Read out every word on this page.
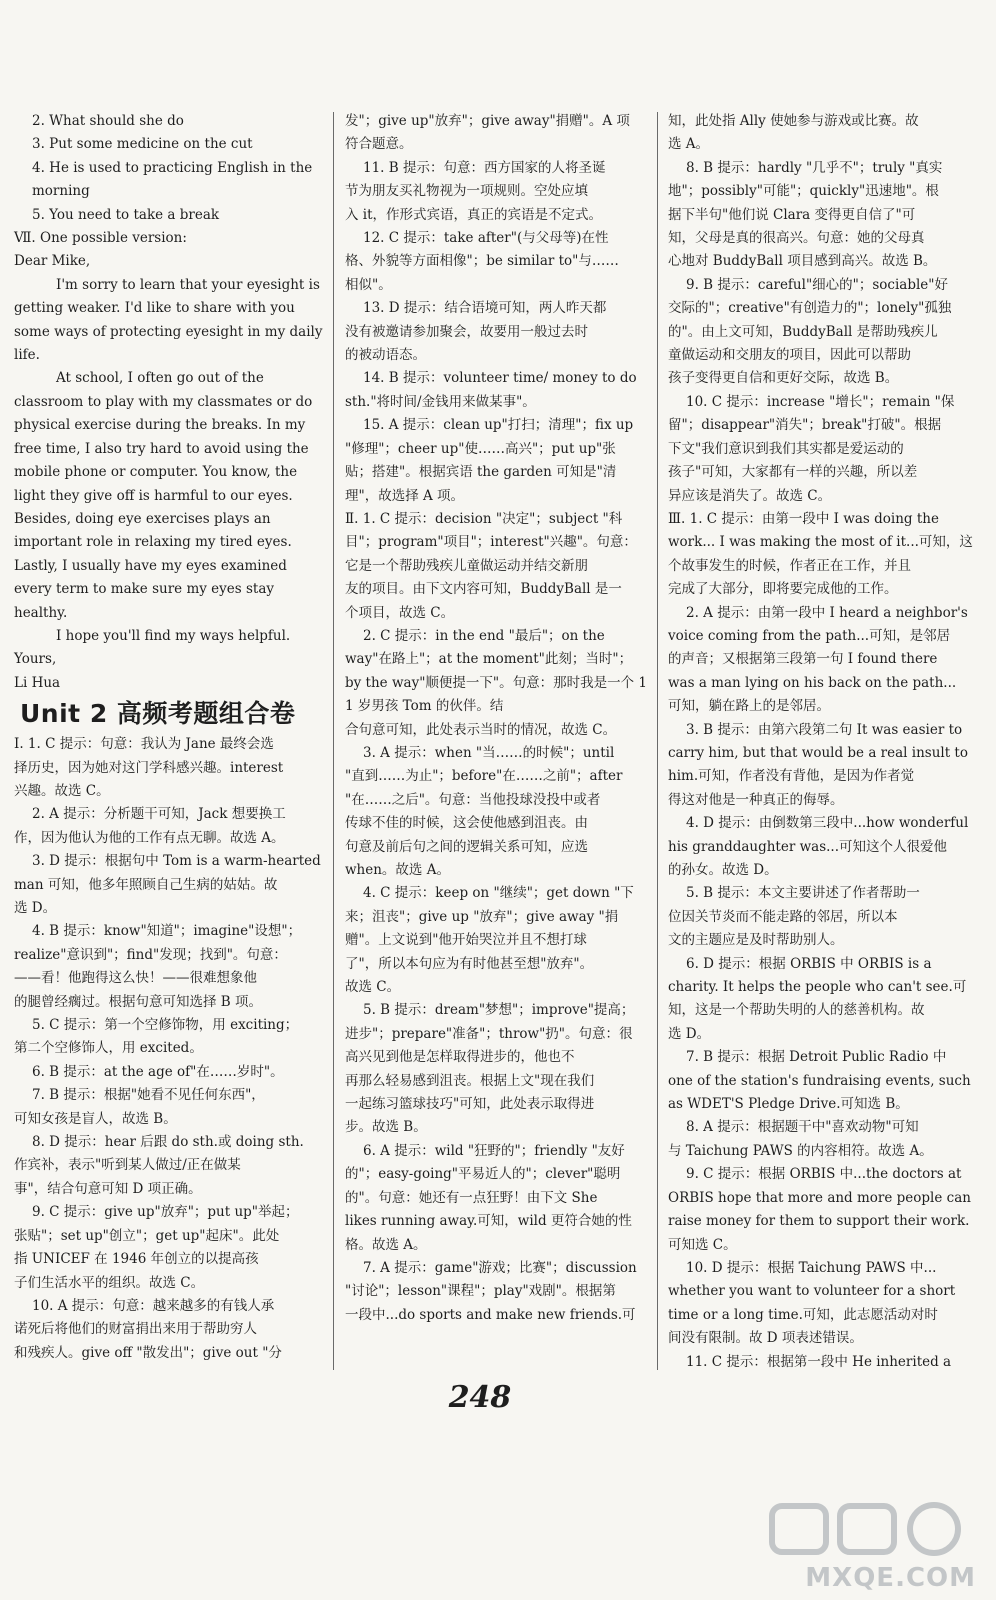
2. What should she do
3. Put some medicine on the cut
4. He is used to practicing English in the
morning
5. You need to take a break
Ⅶ. One possible version:
Dear Mike,
I'm sorry to learn that your eyesight is
getting weaker. I'd like to share with you
some ways of protecting eyesight in my daily
life.
At school, I often go out of the
classroom to play with my classmates or do
physical exercise during the breaks. In my
free time, I also try hard to avoid using the
mobile phone or computer. You know, the
light they give off is harmful to our eyes.
Besides, doing eye exercises plays an
important role in relaxing my tired eyes.
Lastly, I usually have my eyes examined
every term to make sure my eyes stay
healthy.
I hope you'll find my ways helpful.
Yours,
Li Hua
Unit 2 高频考题组合卷
Ⅰ. 1. C 提示：句意：我认为 Jane 最终会选
择历史，因为她对这门学科感兴趣。interest
兴趣。故选 C。
2. A 提示：分析题干可知，Jack 想要换工
作，因为他认为他的工作有点无聊。故选 A。
3. D 提示：根据句中 Tom is a warm-hearted
man 可知，他多年照顾自己生病的姑姑。故
选 D。
4. B 提示：know"知道"；imagine"设想"；
realize"意识到"；find"发现；找到"。句意：
——看！他跑得这么快！——很难想象他
的腿曾经瘸过。根据句意可知选择 B 项。
5. C 提示：第一个空修饰物，用 exciting；
第二个空修饰人，用 excited。
6. B 提示：at the age of"在……岁时"。
7. B 提示：根据"她看不见任何东西"，
可知女孩是盲人，故选 B。
8. D 提示：hear 后跟 do sth.或 doing sth.
作宾补，表示"听到某人做过/正在做某
事"，结合句意可知 D 项正确。
9. C 提示：give up"放弃"；put up"举起；
张贴"；set up"创立"；get up"起床"。此处
指 UNICEF 在 1946 年创立的以提高孩
子们生活水平的组织。故选 C。
10. A 提示：句意：越来越多的有钱人承
诺死后将他们的财富捐出来用于帮助穷人
和残疾人。give off "散发出"；give out "分
发"；give up"放弃"；give away"捐赠"。A 项
符合题意。
11. B 提示：句意：西方国家的人将圣诞
节为朋友买礼物视为一项规则。空处应填
入 it，作形式宾语，真正的宾语是不定式。
12. C 提示：take after"(与父母等)在性
格、外貌等方面相像"；be similar to"与……
相似"。
13. D 提示：结合语境可知，两人昨天都
没有被邀请参加聚会，故要用一般过去时
的被动语态。
14. B 提示：volunteer time/ money to do
sth."将时间/金钱用来做某事"。
15. A 提示：clean up"打扫；清理"；fix up
"修理"；cheer up"使……高兴"；put up"张
贴；搭建"。根据宾语 the garden 可知是"清
理"，故选择 A 项。
Ⅱ. 1. C 提示：decision "决定"；subject "科
目"；program"项目"；interest"兴趣"。句意：
它是一个帮助残疾儿童做运动并结交新朋
友的项目。由下文内容可知，BuddyBall 是一
个项目，故选 C。
2. C 提示：in the end "最后"；on the
way"在路上"；at the moment"此刻；当时"；
by the way"顺便提一下"。句意：那时我是一个 11 岁男孩 Tom 的伙伴。结
合句意可知，此处表示当时的情况，故选 C。
3. A 提示：when "当……的时候"；until
"直到……为止"；before"在……之前"；after
"在……之后"。句意：当他投球没投中或者
传球不佳的时候，这会使他感到沮丧。由
句意及前后句之间的逻辑关系可知，应选
when。故选 A。
4. C 提示：keep on "继续"；get down "下
来；沮丧"；give up "放弃"；give away "捐
赠"。上文说到"他开始哭泣并且不想打球
了"，所以本句应为有时他甚至想"放弃"。
故选 C。
5. B 提示：dream"梦想"；improve"提高；
进步"；prepare"准备"；throw"扔"。句意：很
高兴见到他是怎样取得进步的，他也不
再那么轻易感到沮丧。根据上文"现在我们
一起练习篮球技巧"可知，此处表示取得进
步。故选 B。
6. A 提示：wild "狂野的"；friendly "友好
的"；easy-going"平易近人的"；clever"聪明
的"。句意：她还有一点狂野！由下文 She
likes running away.可知，wild 更符合她的性
格。故选 A。
7. A 提示：game"游戏；比赛"；discussion
"讨论"；lesson"课程"；play"戏剧"。根据第
一段中...do sports and make new friends.可
知，此处指 Ally 使她参与游戏或比赛。故
选 A。
8. B 提示：hardly "几乎不"；truly "真实
地"；possibly"可能"；quickly"迅速地"。根
据下半句"他们说 Clara 变得更自信了"可
知，父母是真的很高兴。句意：她的父母真
心地对 BuddyBall 项目感到高兴。故选 B。
9. B 提示：careful"细心的"；sociable"好
交际的"；creative"有创造力的"；lonely"孤独
的"。由上文可知，BuddyBall 是帮助残疾儿
童做运动和交朋友的项目，因此可以帮助
孩子变得更自信和更好交际，故选 B。
10. C 提示：increase "增长"；remain "保
留"；disappear"消失"；break"打破"。根据
下文"我们意识到我们其实都是爱运动的
孩子"可知，大家都有一样的兴趣，所以差
异应该是消失了。故选 C。
Ⅲ. 1. C 提示：由第一段中 I was doing the
work... I was making the most of it...可知，这
个故事发生的时候，作者正在工作，并且
完成了大部分，即将要完成他的工作。
2. A 提示：由第一段中 I heard a neighbor's
voice coming from the path...可知，是邻居
的声音；又根据第三段第一句 I found there
was a man lying on his back on the path...
可知，躺在路上的是邻居。
3. B 提示：由第六段第二句 It was easier to
carry him, but that would be a real insult to
him.可知，作者没有背他，是因为作者觉
得这对他是一种真正的侮辱。
4. D 提示：由倒数第三段中...how wonderful
his granddaughter was...可知这个人很爱他
的孙女。故选 D。
5. B 提示：本文主要讲述了作者帮助一
位因关节炎而不能走路的邻居，所以本
文的主题应是及时帮助别人。
6. D 提示：根据 ORBIS 中 ORBIS is a
charity. It helps the people who can't see.可
知，这是一个帮助失明的人的慈善机构。故
选 D。
7. B 提示：根据 Detroit Public Radio 中
one of the station's fundraising events, such
as WDET'S Pledge Drive.可知选 B。
8. A 提示：根据题干中"喜欢动物"可知
与 Taichung PAWS 的内容相符。故选 A。
9. C 提示：根据 ORBIS 中...the doctors at
ORBIS hope that more and more people can
raise money for them to support their work.
可知选 C。
10. D 提示：根据 Taichung PAWS 中...
whether you want to volunteer for a short
time or a long time.可知，此志愿活动对时
间没有限制。故 D 项表述错误。
11. C 提示：根据第一段中 He inherited a
248
MXQE.COM
